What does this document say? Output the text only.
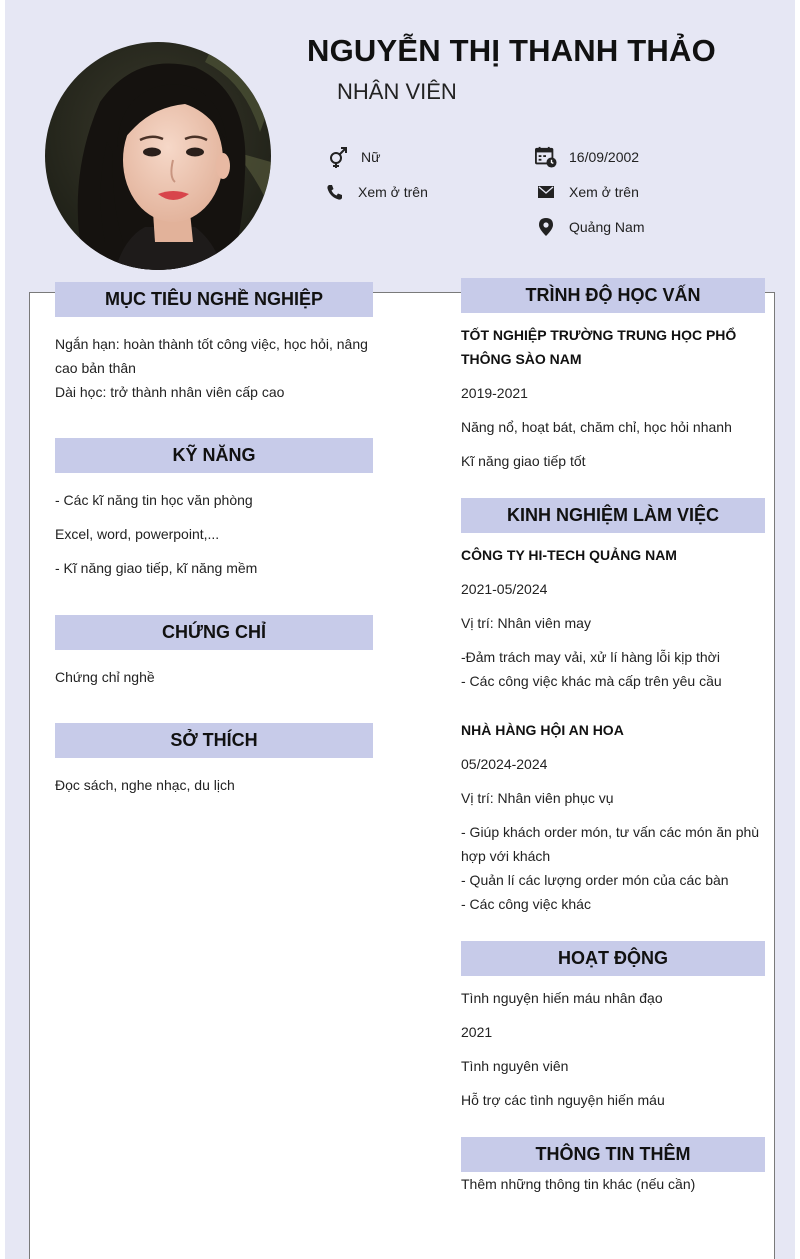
NGUYỄN THỊ THANH THẢO
NHÂN VIÊN
Nữ	16/09/2002
Xem ở trên	Xem ở trên
Quảng Nam
MỤC TIÊU NGHỀ NGHIỆP
Ngắn hạn: hoàn thành tốt công việc, học hỏi, nâng cao bản thân
Dài học: trở thành nhân viên cấp cao
KỸ NĂNG
- Các kĩ năng tin học văn phòng
Excel, word, powerpoint,...
- Kĩ năng giao tiếp, kĩ năng mềm
CHỨNG CHỈ
Chứng chỉ nghề
SỞ THÍCH
Đọc sách, nghe nhạc, du lịch
TRÌNH ĐỘ HỌC VẤN
TỐT NGHIỆP TRƯỜNG TRUNG HỌC PHỔ THÔNG SÀO NAM
2019-2021
Năng nổ, hoạt bát, chăm chỉ, học hỏi nhanh
Kĩ năng giao tiếp tốt
KINH NGHIỆM LÀM VIỆC
CÔNG TY HI-TECH QUẢNG NAM
2021-05/2024
Vị trí: Nhân viên may
-Đảm trách may vải, xử lí hàng lỗi kịp thời
- Các công việc khác mà cấp trên yêu cầu
NHÀ HÀNG HỘI AN HOA
05/2024-2024
Vị trí: Nhân viên phục vụ
- Giúp khách order món, tư vấn các món ăn phù hợp với khách
- Quản lí các lượng order món của các bàn
- Các công việc khác
HOẠT ĐỘNG
Tình nguyện hiến máu nhân đạo
2021
Tình nguyên viên
Hỗ trợ các tình nguyện hiến máu
THÔNG TIN THÊM
Thêm những thông tin khác (nếu cần)
